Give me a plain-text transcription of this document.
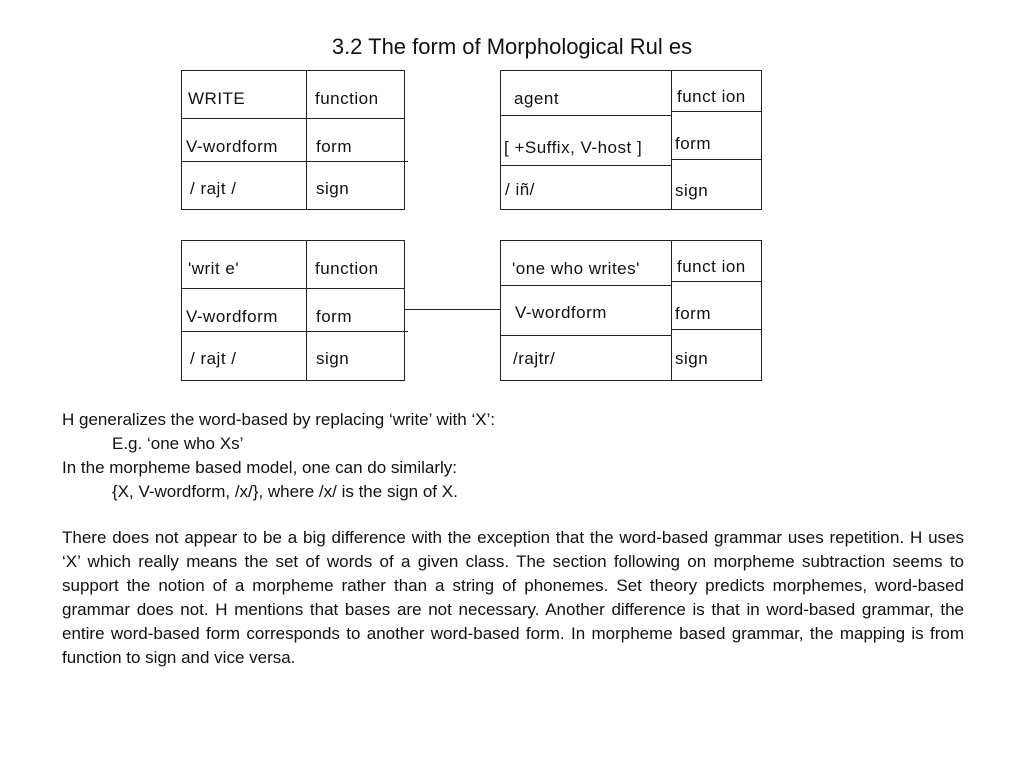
3.2 The form of Morphological Rul es
WRITE	function
V-wordform form
/ rajt /	sign
agent	funct ion
[ +Suffix, V-host ] form
/ iñ/	sign
'writ e'	function
V-wordform form
/ rajt /	sign
'one who writes' funct ion
V-wordform	form
/rajtr/	sign
H generalizes the word-based by replacing ‘write’ with ‘X’:
E.g. ‘one who Xs’
In the morpheme based model, one can do similarly:
{X, V-wordform, /x/}, where /x/ is the sign of X.
There does not appear to be a big difference with the exception that the word-based grammar uses repetition. H uses ‘X’ which really means the set of words of a given class. The section following on morpheme subtraction seems to support the notion of a morpheme rather than a string of phonemes. Set theory predicts morphemes, word-based grammar does not. H mentions that bases are not necessary. Another difference is that in word-based grammar, the entire word-based form corresponds to another word-based form. In morpheme based grammar, the mapping is from function to sign and vice versa.
